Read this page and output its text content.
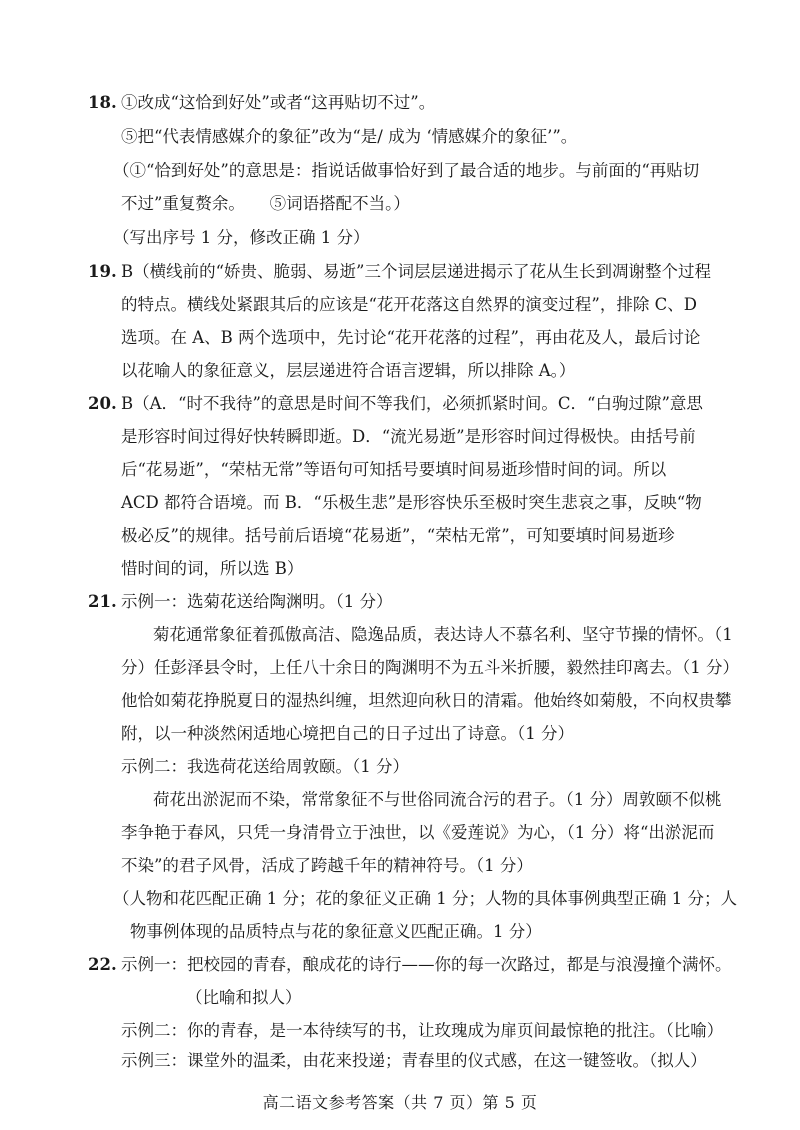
18. ①改成“这恰到好处”或者“这再贴切不过”。
⑤把“代表情感媒介的象征”改为“是/ 成为 ‘情感媒介的象征’”。
（①“恰到好处”的意思是：指说话做事恰好到了最合适的地步。与前面的“再贴切
不过”重复赘余。　　⑤词语搭配不当。）
（写出序号 1 分，修改正确 1 分）
19. B（横线前的“娇贵、脆弱、易逝”三个词层层递进揭示了花从生长到凋谢整个过程
的特点。横线处紧跟其后的应该是“花开花落这自然界的演变过程”，排除 C、D
选项。在 A、B 两个选项中，先讨论“花开花落的过程”，再由花及人，最后讨论
以花喻人的象征意义，层层递进符合语言逻辑，所以排除 A。）
20. B（A．“时不我待”的意思是时间不等我们，必须抓紧时间。C．“白驹过隙”意思
是形容时间过得好快转瞬即逝。D．“流光易逝”是形容时间过得极快。由括号前
后“花易逝”，“荣枯无常”等语句可知括号要填时间易逝珍惜时间的词。所以
ACD 都符合语境。而 B．“乐极生悲”是形容快乐至极时突生悲哀之事，反映“物
极必反”的规律。括号前后语境“花易逝”，“荣枯无常”，可知要填时间易逝珍
惜时间的词，所以选 B）
21. 示例一：选菊花送给陶渊明。（1 分）
菊花通常象征着孤傲高洁、隐逸品质，表达诗人不慕名利、坚守节操的情怀。（1
分）任彭泽县令时，上任八十余日的陶渊明不为五斗米折腰，毅然挂印离去。（1 分）
他恰如菊花挣脱夏日的湿热纠缠，坦然迎向秋日的清霜。他始终如菊般，不向权贵攀
附，以一种淡然闲适地心境把自己的日子过出了诗意。（1 分）
示例二：我选荷花送给周敦颐。（1 分）
荷花出淤泥而不染，常常象征不与世俗同流合污的君子。（1 分）周敦颐不似桃
李争艳于春风，只凭一身清骨立于浊世，以《爱莲说》为心，（1 分）将“出淤泥而
不染”的君子风骨，活成了跨越千年的精神符号。（1 分）
（人物和花匹配正确 1 分；花的象征义正确 1 分；人物的具体事例典型正确 1 分；人
物事例体现的品质特点与花的象征意义匹配正确。1 分）
22. 示例一：把校园的青春，酿成花的诗行——你的每一次路过，都是与浪漫撞个满怀。
（比喻和拟人）
示例二：你的青春，是一本待续写的书，让玫瑰成为扉页间最惊艳的批注。（比喻）
示例三：课堂外的温柔，由花来投递；青春里的仪式感，在这一键签收。（拟人）
高二语文参考答案（共 7 页）第 5 页
